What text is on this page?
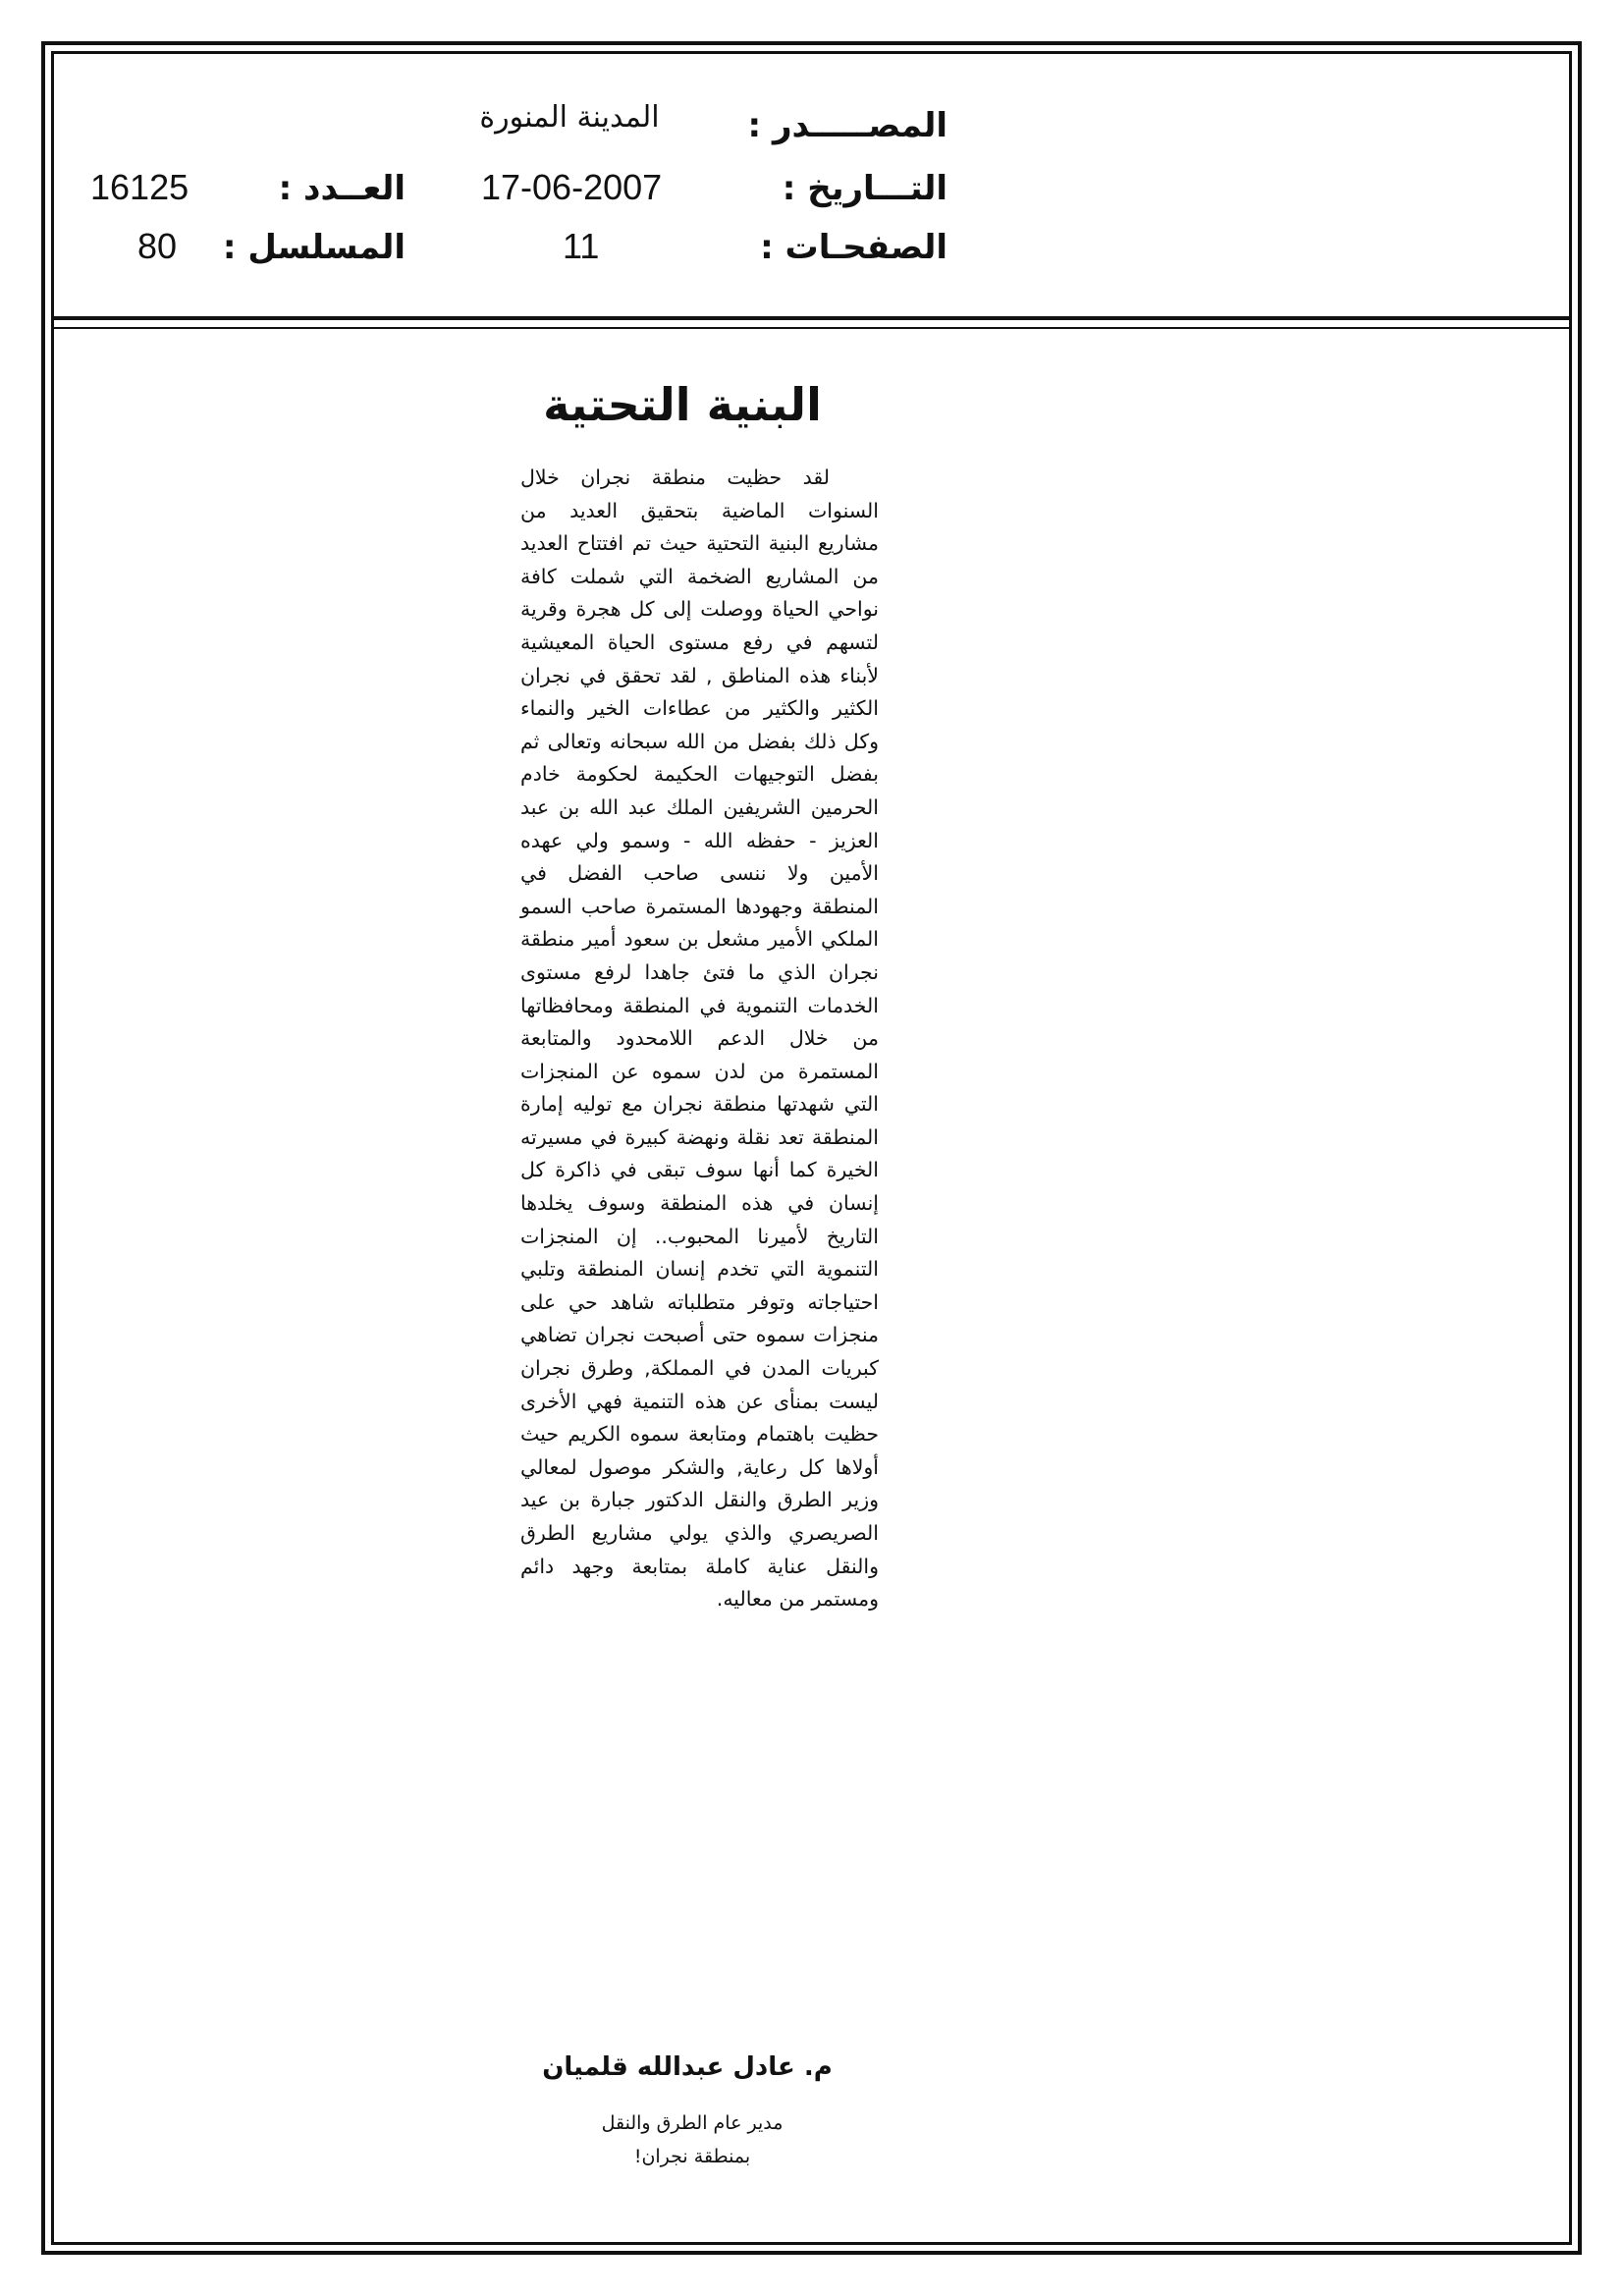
المصـــــدر :
المدينة المنورة
التـــاريخ :
17-06-2007
العــدد :
16125
الصفحـات :
11
المسلسل :
80
البنية التحتية

لقد حظيت منطقة نجران خلال السنوات الماضية بتحقيق العديد من مشاريع البنية التحتية حيث تم افتتاح العديد من المشاريع الضخمة التي شملت كافة نواحي الحياة ووصلت إلى كل هجرة وقرية لتسهم في رفع مستوى الحياة المعيشية لأبناء هذه المناطق , لقد تحقق في نجران الكثير والكثير من عطاءات الخير والنماء وكل ذلك بفضل من الله سبحانه وتعالى ثم بفضل التوجيهات الحكيمة لحكومة خادم الحرمين الشريفين الملك عبد الله بن عبد العزيز - حفظه الله - وسمو ولي عهده الأمين ولا ننسى صاحب الفضل في المنطقة وجهودها المستمرة صاحب السمو الملكي الأمير مشعل بن سعود أمير منطقة نجران الذي ما فتئ جاهدا لرفع مستوى الخدمات التنموية في المنطقة ومحافظاتها من خلال الدعم اللامحدود والمتابعة المستمرة من لدن سموه عن المنجزات التي شهدتها منطقة نجران مع توليه إمارة المنطقة تعد نقلة ونهضة كبيرة في مسيرته الخيرة كما أنها سوف تبقى في ذاكرة كل إنسان في هذه المنطقة وسوف يخلدها التاريخ لأميرنا المحبوب.. إن المنجزات التنموية التي تخدم إنسان المنطقة وتلبي احتياجاته وتوفر متطلباته شاهد حي على منجزات سموه حتى أصبحت نجران تضاهي كبريات المدن في المملكة, وطرق نجران ليست بمنأى عن هذه التنمية فهي الأخرى حظيت باهتمام ومتابعة سموه الكريم حيث أولاها كل رعاية, والشكر موصول لمعالي وزير الطرق والنقل الدكتور جبارة بن عيد الصريصري والذي يولي مشاريع الطرق والنقل عناية كاملة بمتابعة وجهد دائم ومستمر من معاليه.

م. عادل عبدالله قلميان
مدير عام الطرق والنقل
بمنطقة نجران!
